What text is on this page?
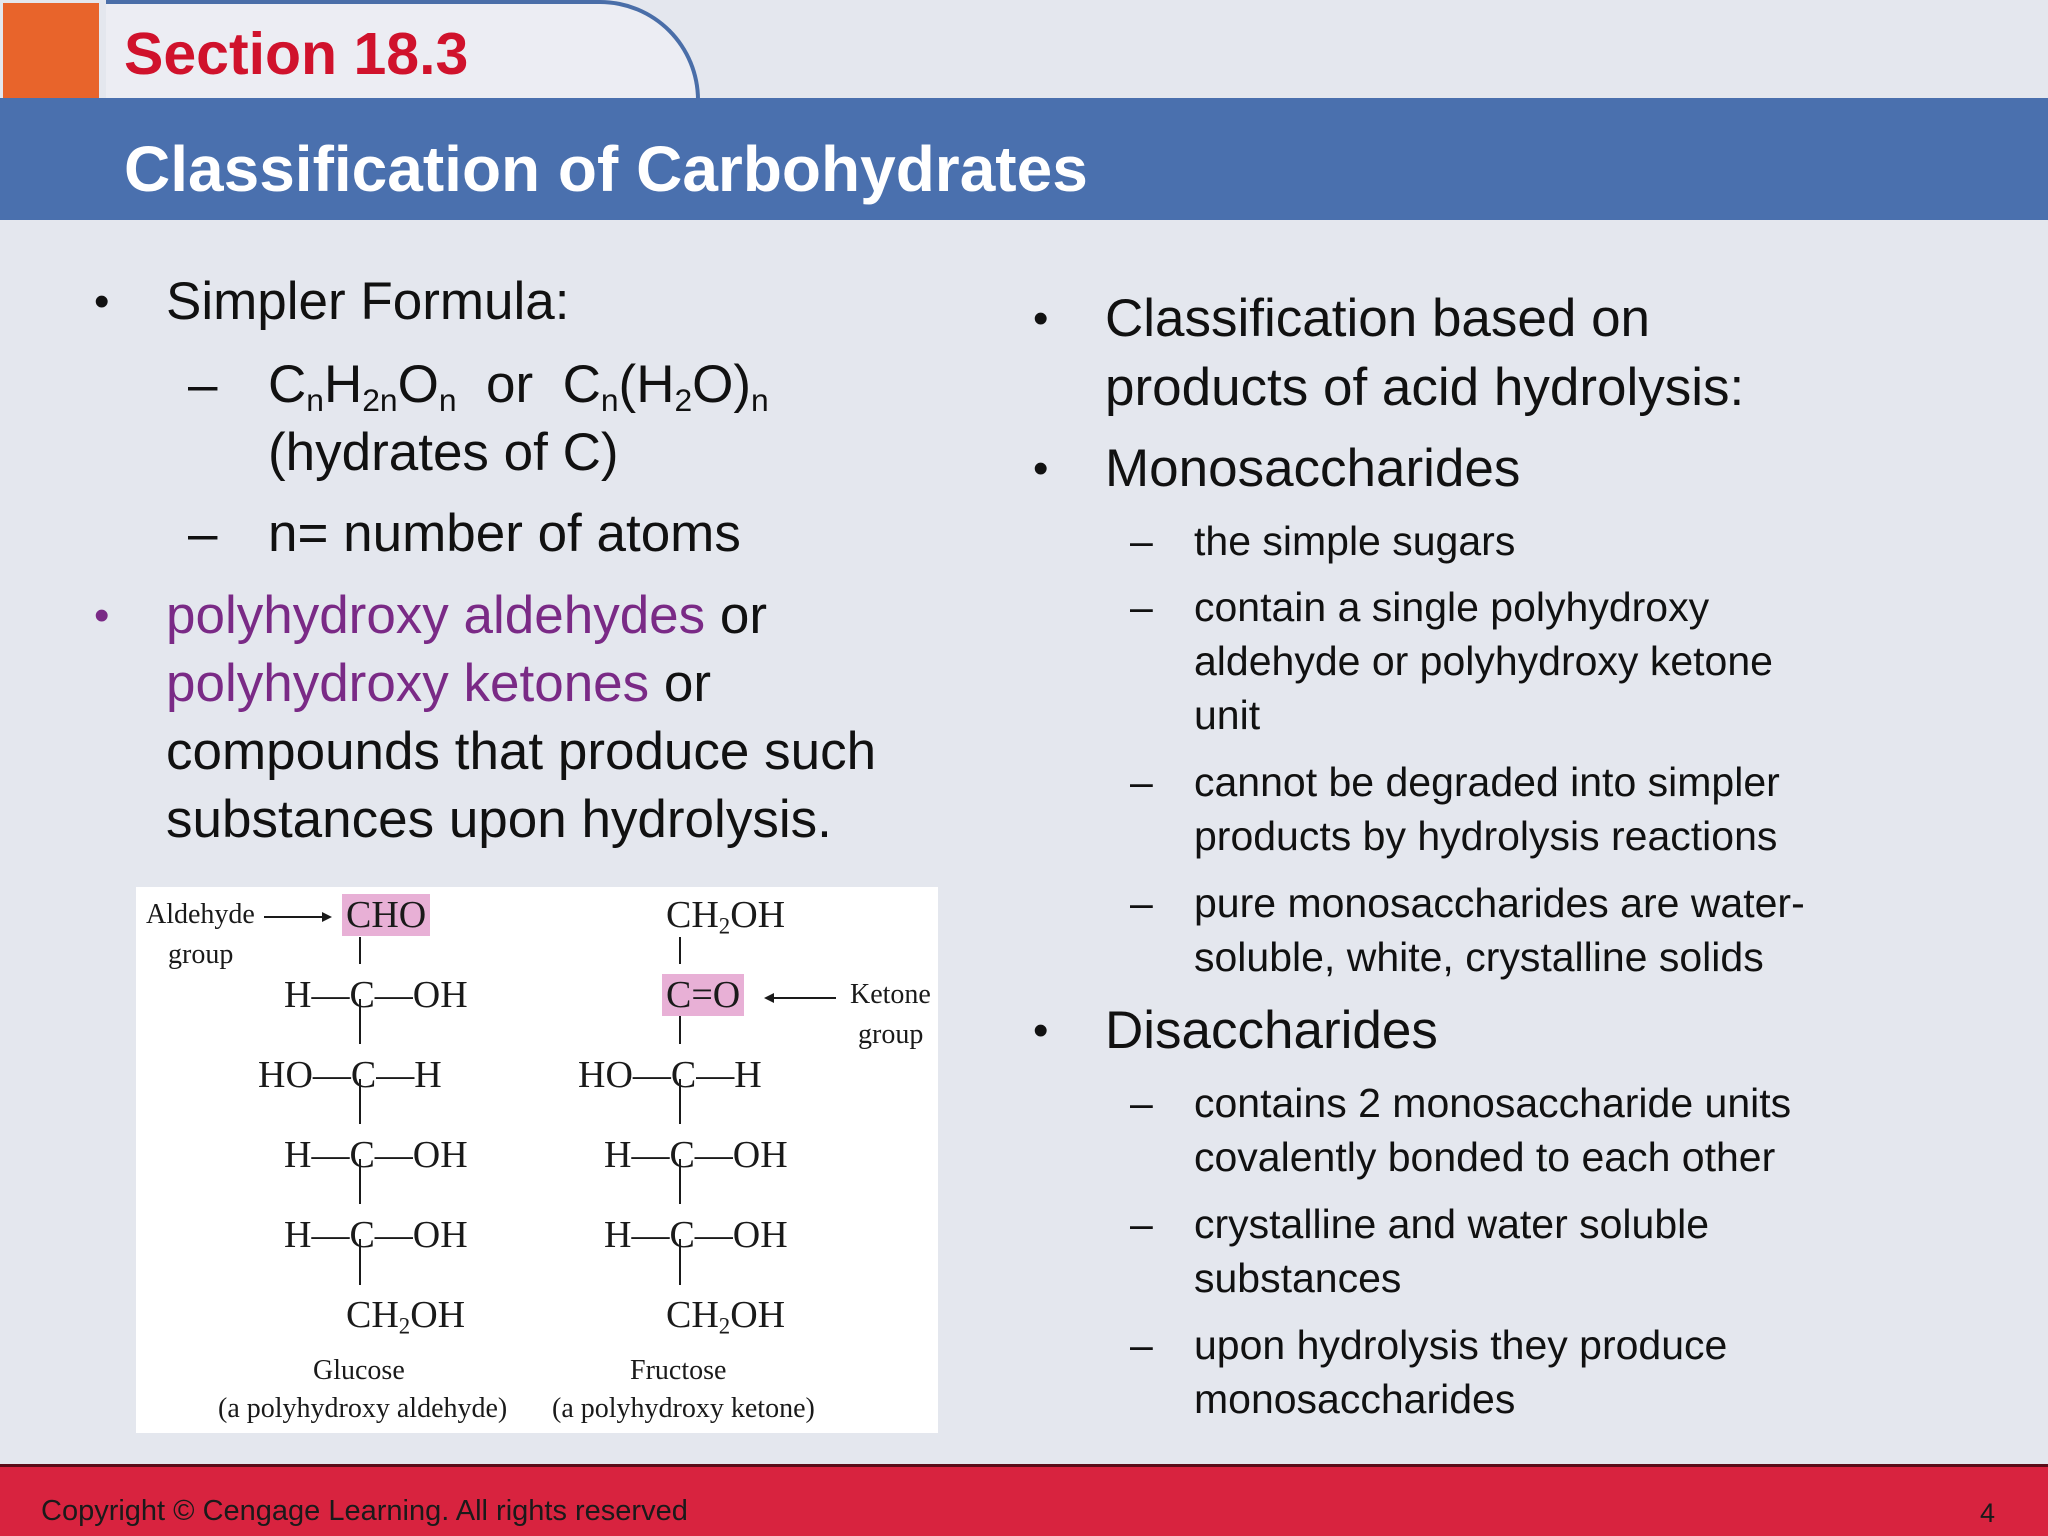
Section 18.3
Classification of Carbohydrates
• Simpler Formula:
– $C_nH_{2n}O_n$  or  $C_n(H_2O)_n$
(hydrates of C)
– n= number of atoms
• polyhydroxy aldehydes or
polyhydroxy ketones or
compounds that produce such
substances upon hydrolysis.
Aldehyde
group
CHO
H—C—OH
HO—C—H
H—C—OH
H—C—OH
$CH_2OH$
Glucose
(a polyhydroxy aldehyde)
$CH_2OH$
C=O	Ketone
group
HO—C—H
H—C—OH
H—C—OH
$CH_2OH$
Fructose
(a polyhydroxy ketone)
• Classification based on
products of acid hydrolysis:
• Monosaccharides
– the simple sugars
– contain a single polyhydroxy
aldehyde or polyhydroxy ketone
unit
– cannot be degraded into simpler
products by hydrolysis reactions
– pure monosaccharides are water-
soluble, white, crystalline solids
• Disaccharides
– contains 2 monosaccharide units
covalently bonded to each other
– crystalline and water soluble
substances
– upon hydrolysis they produce
monosaccharides
Copyright © Cengage Learning. All rights reserved	4
